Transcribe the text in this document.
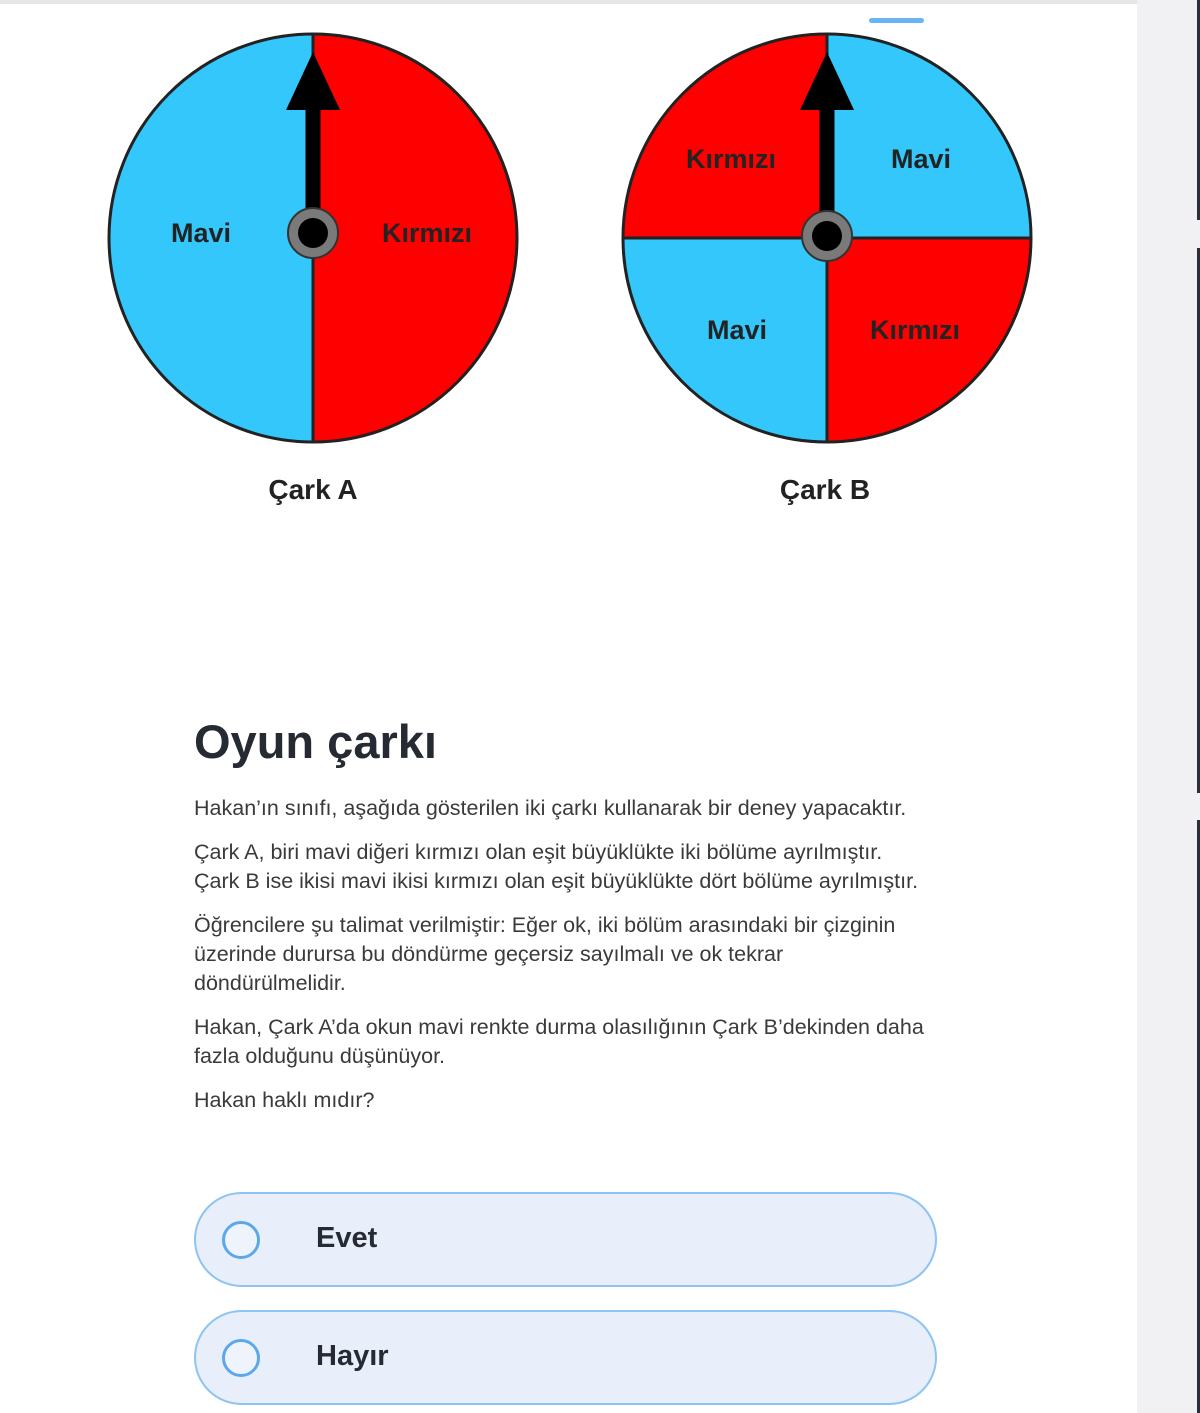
Mavi	Kırmızı
Çark A
Kırmızı	Mavi
Mavi	Kırmızı
Çark B
Oyun çarkı

Hakan’ın sınıfı, aşağıda gösterilen iki çarkı kullanarak bir deney yapacaktır.

Çark A, biri mavi diğeri kırmızı olan eşit büyüklükte iki bölüme ayrılmıştır. Çark B ise ikisi mavi ikisi kırmızı olan eşit büyüklükte dört bölüme ayrılmıştır.

Öğrencilere şu talimat verilmiştir: Eğer ok, iki bölüm arasındaki bir çizginin üzerinde durursa bu döndürme geçersiz sayılmalı ve ok tekrar döndürülmelidir.

Hakan, Çark A’da okun mavi renkte durma olasılığının Çark B’dekinden daha fazla olduğunu düşünüyor.

Hakan haklı mıdır?

Evet
Hayır
